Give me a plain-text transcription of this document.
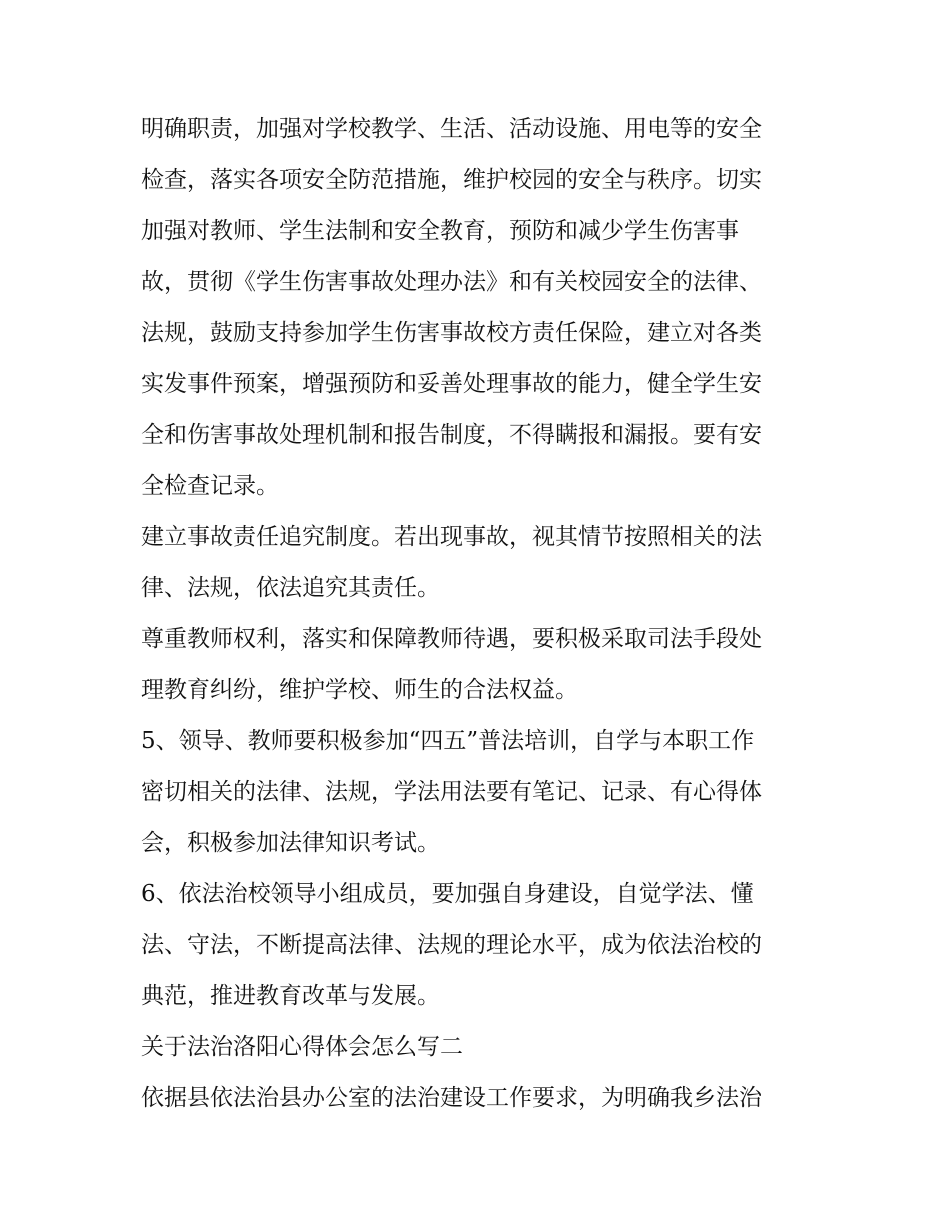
明确职责，加强对学校教学、生活、活动设施、用电等的安全
检查，落实各项安全防范措施，维护校园的安全与秩序。切实
加强对教师、学生法制和安全教育，预防和减少学生伤害事
故，贯彻《学生伤害事故处理办法》和有关校园安全的法律、
法规，鼓励支持参加学生伤害事故校方责任保险，建立对各类
实发事件预案，增强预防和妥善处理事故的能力，健全学生安
全和伤害事故处理机制和报告制度，不得瞒报和漏报。要有安
全检查记录。
建立事故责任追究制度。若出现事故，视其情节按照相关的法
律、法规，依法追究其责任。
尊重教师权利，落实和保障教师待遇，要积极采取司法手段处
理教育纠纷，维护学校、师生的合法权益。
5、领导、教师要积极参加“四五”普法培训，自学与本职工作
密切相关的法律、法规，学法用法要有笔记、记录、有心得体
会，积极参加法律知识考试。
6、依法治校领导小组成员，要加强自身建设，自觉学法、懂
法、守法，不断提高法律、法规的理论水平，成为依法治校的
典范，推进教育改革与发展。
关于法治洛阳心得体会怎么写二
依据县依法治县办公室的法治建设工作要求，为明确我乡法治
